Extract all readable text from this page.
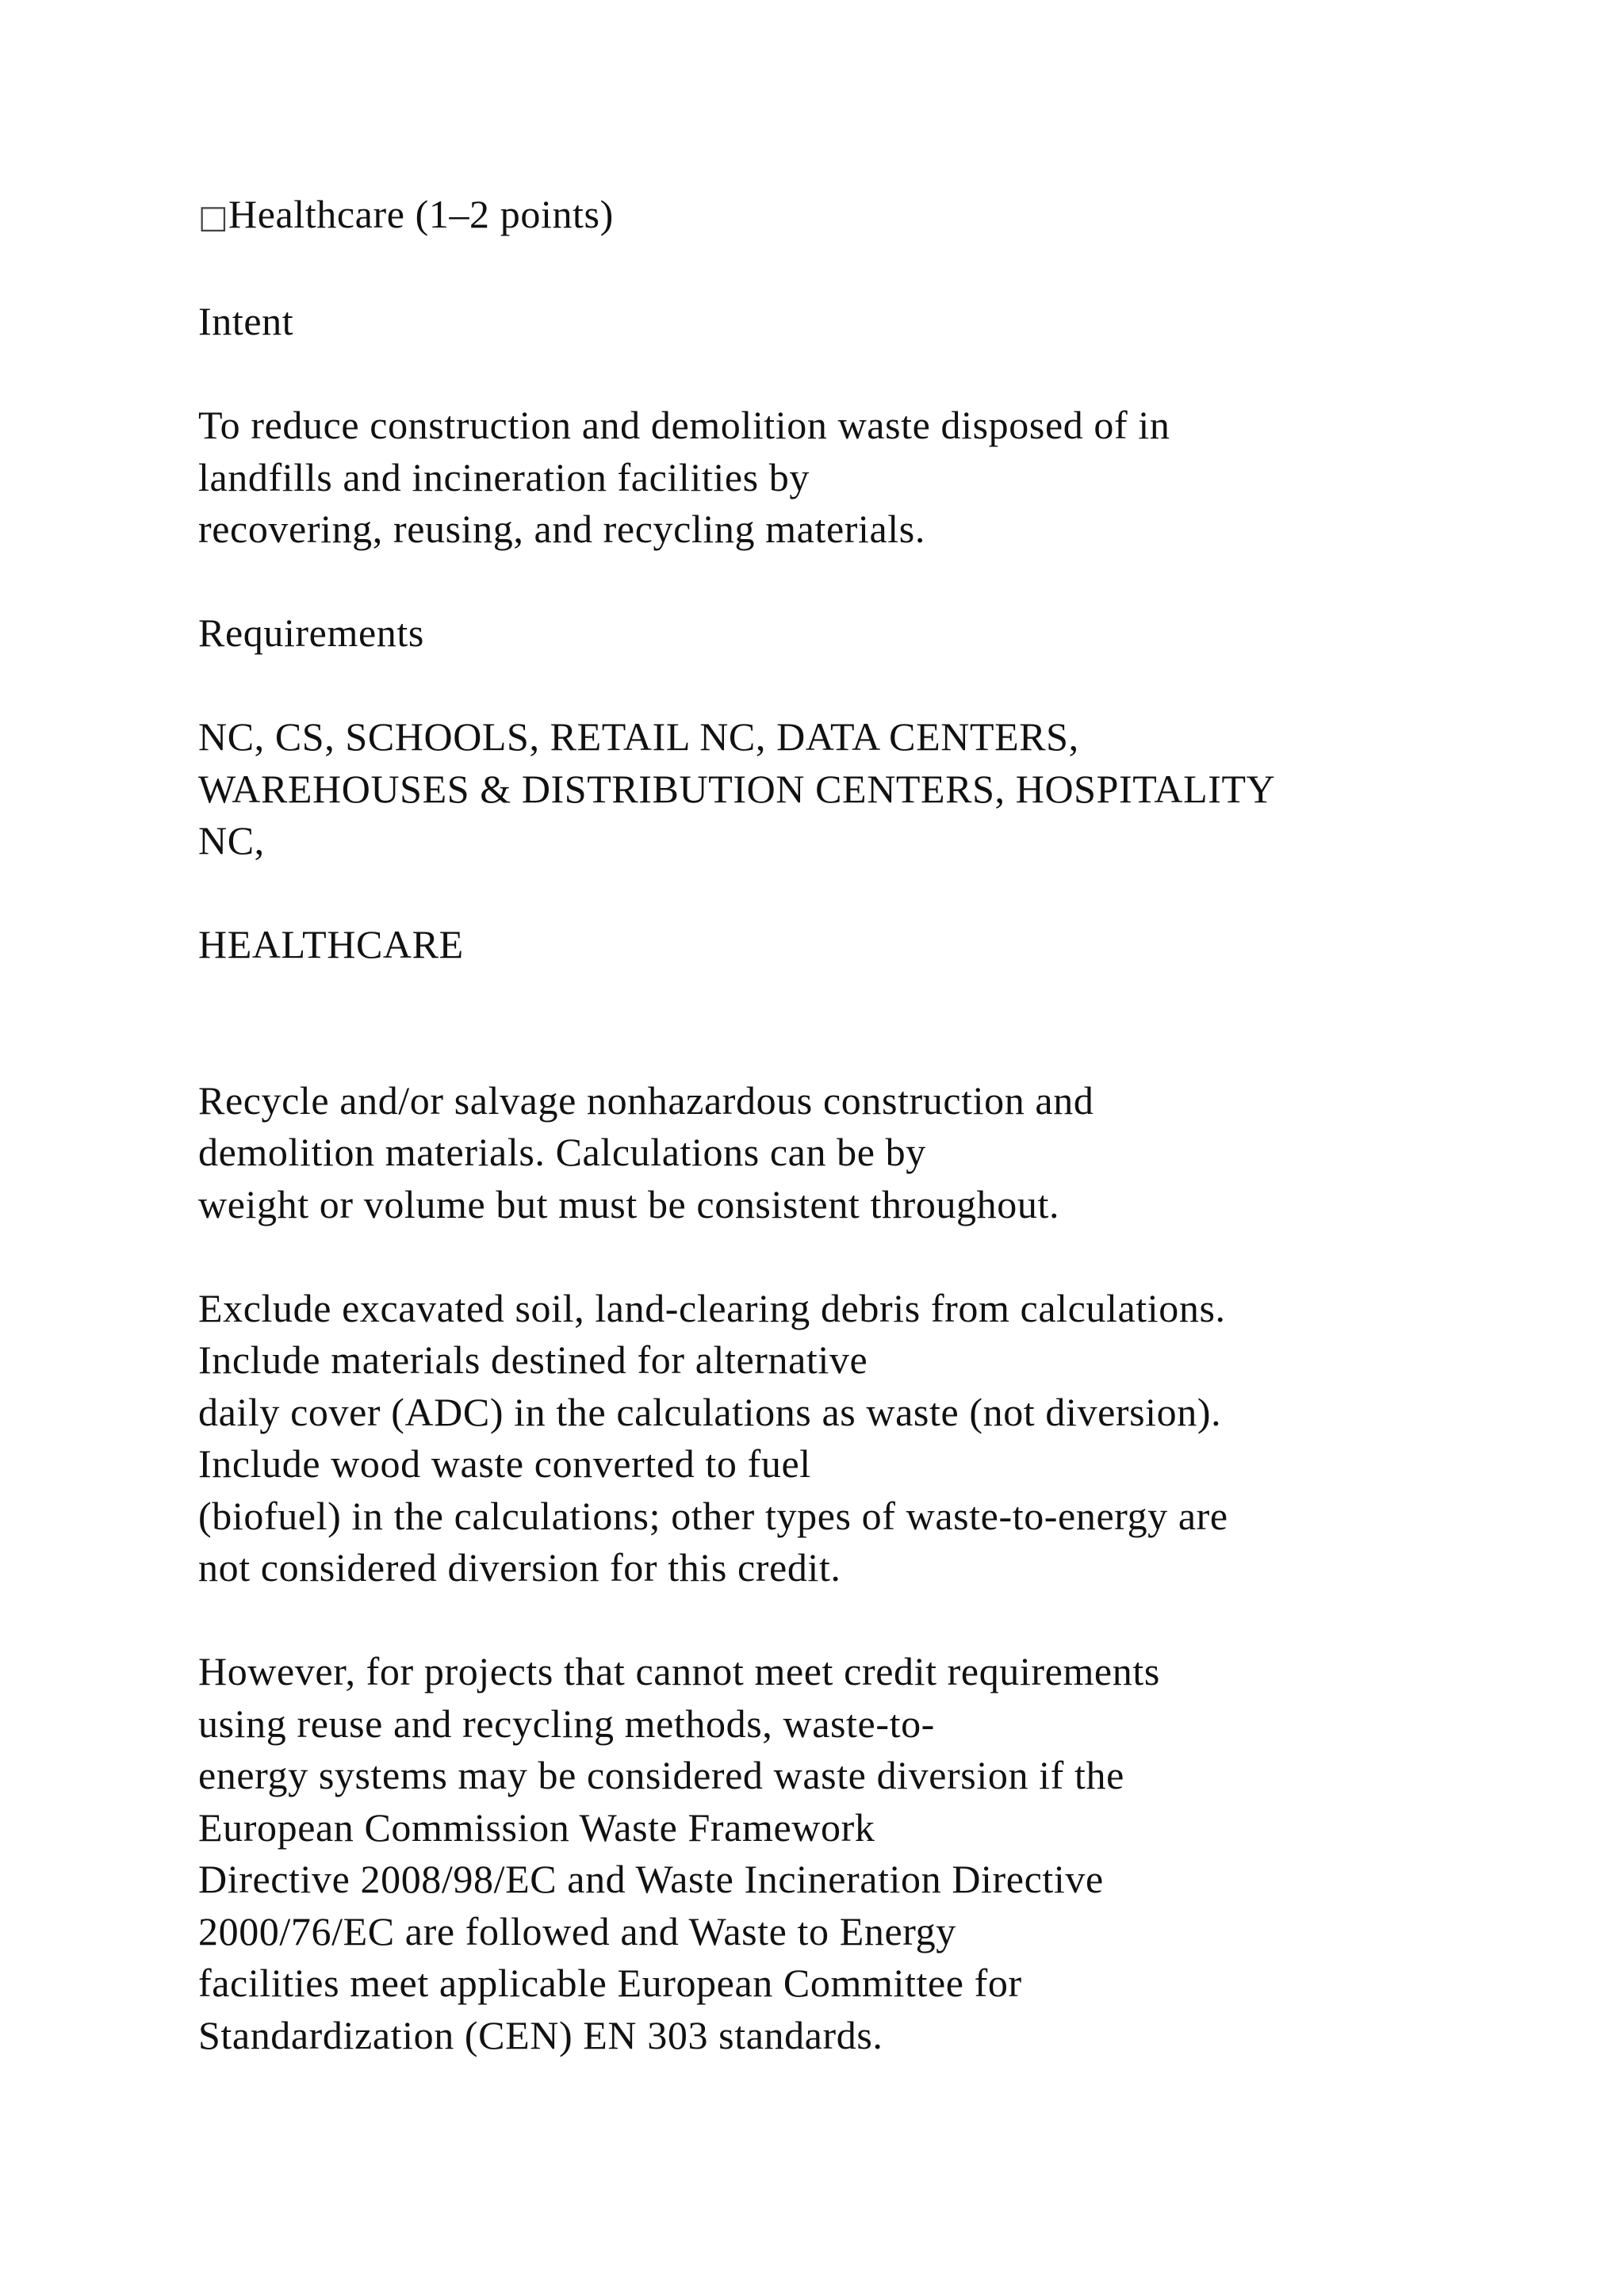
□Healthcare (1–2 points)

Intent

To reduce construction and demolition waste disposed of in
landfills and incineration facilities by
recovering, reusing, and recycling materials.

Requirements

NC, CS, SCHOOLS, RETAIL NC, DATA CENTERS,
WAREHOUSES & DISTRIBUTION CENTERS, HOSPITALITY
NC,

HEALTHCARE

Recycle and/or salvage nonhazardous construction and
demolition materials. Calculations can be by
weight or volume but must be consistent throughout.

Exclude excavated soil, land-clearing debris from calculations.
Include materials destined for alternative
daily cover (ADC) in the calculations as waste (not diversion).
Include wood waste converted to fuel
(biofuel) in the calculations; other types of waste-to-energy are
not considered diversion for this credit.

However, for projects that cannot meet credit requirements
using reuse and recycling methods, waste-to-
energy systems may be considered waste diversion if the
European Commission Waste Framework
Directive 2008/98/EC and Waste Incineration Directive
2000/76/EC are followed and Waste to Energy
facilities meet applicable European Committee for
Standardization (CEN) EN 303 standards.
